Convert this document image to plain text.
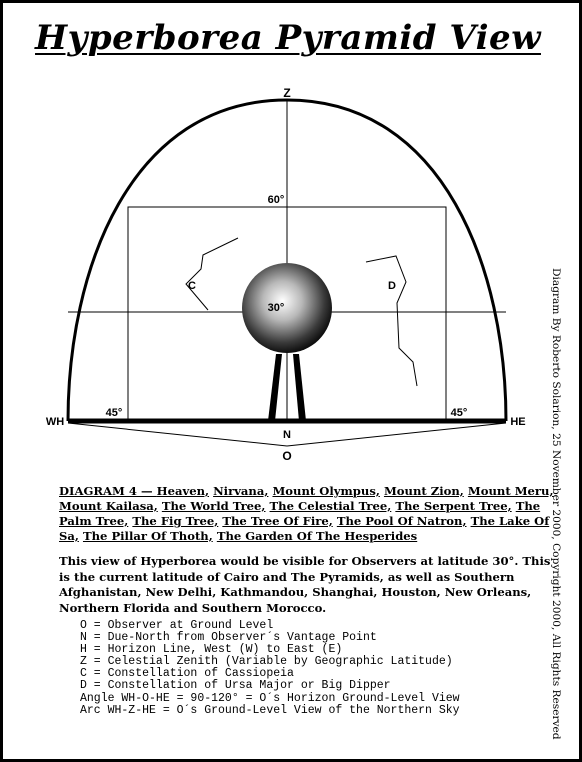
Hyperborea Pyramid View
Z
60°
30°
C	D
WH	HE
45°	45°
N
O
DIAGRAM 4 — Heaven, Nirvana, Mount Olympus, Mount Zion, Mount Meru, Mount Kailasa, The World Tree, The Celestial Tree, The Serpent Tree, The Palm Tree, The Fig Tree, The Tree Of Fire, The Pool Of Natron, The Lake Of Sa, The Pillar Of Thoth, The Garden Of The Hesperides
This view of Hyperborea would be visible for Observers at latitude 30°. This is the current latitude of Cairo and The Pyramids, as well as Southern Afghanistan, New Delhi, Kathmandou, Shanghai, Houston, New Orleans, Northern Florida and Southern Morocco.
O = Observer at Ground Level
N = Due-North from Observer´s Vantage Point
H = Horizon Line, West (W) to East (E)
Z = Celestial Zenith (Variable by Geographic Latitude)
C = Constellation of Cassiopeia
D = Constellation of Ursa Major or Big Dipper
Angle WH-O-HE = 90-120° = O´s Horizon Ground-Level View
Arc WH-Z-HE = O´s Ground-Level View of the Northern Sky	Diagram By Roberto Solarion, 25 November 2000, Copyright 2000, All Rights Reserved
